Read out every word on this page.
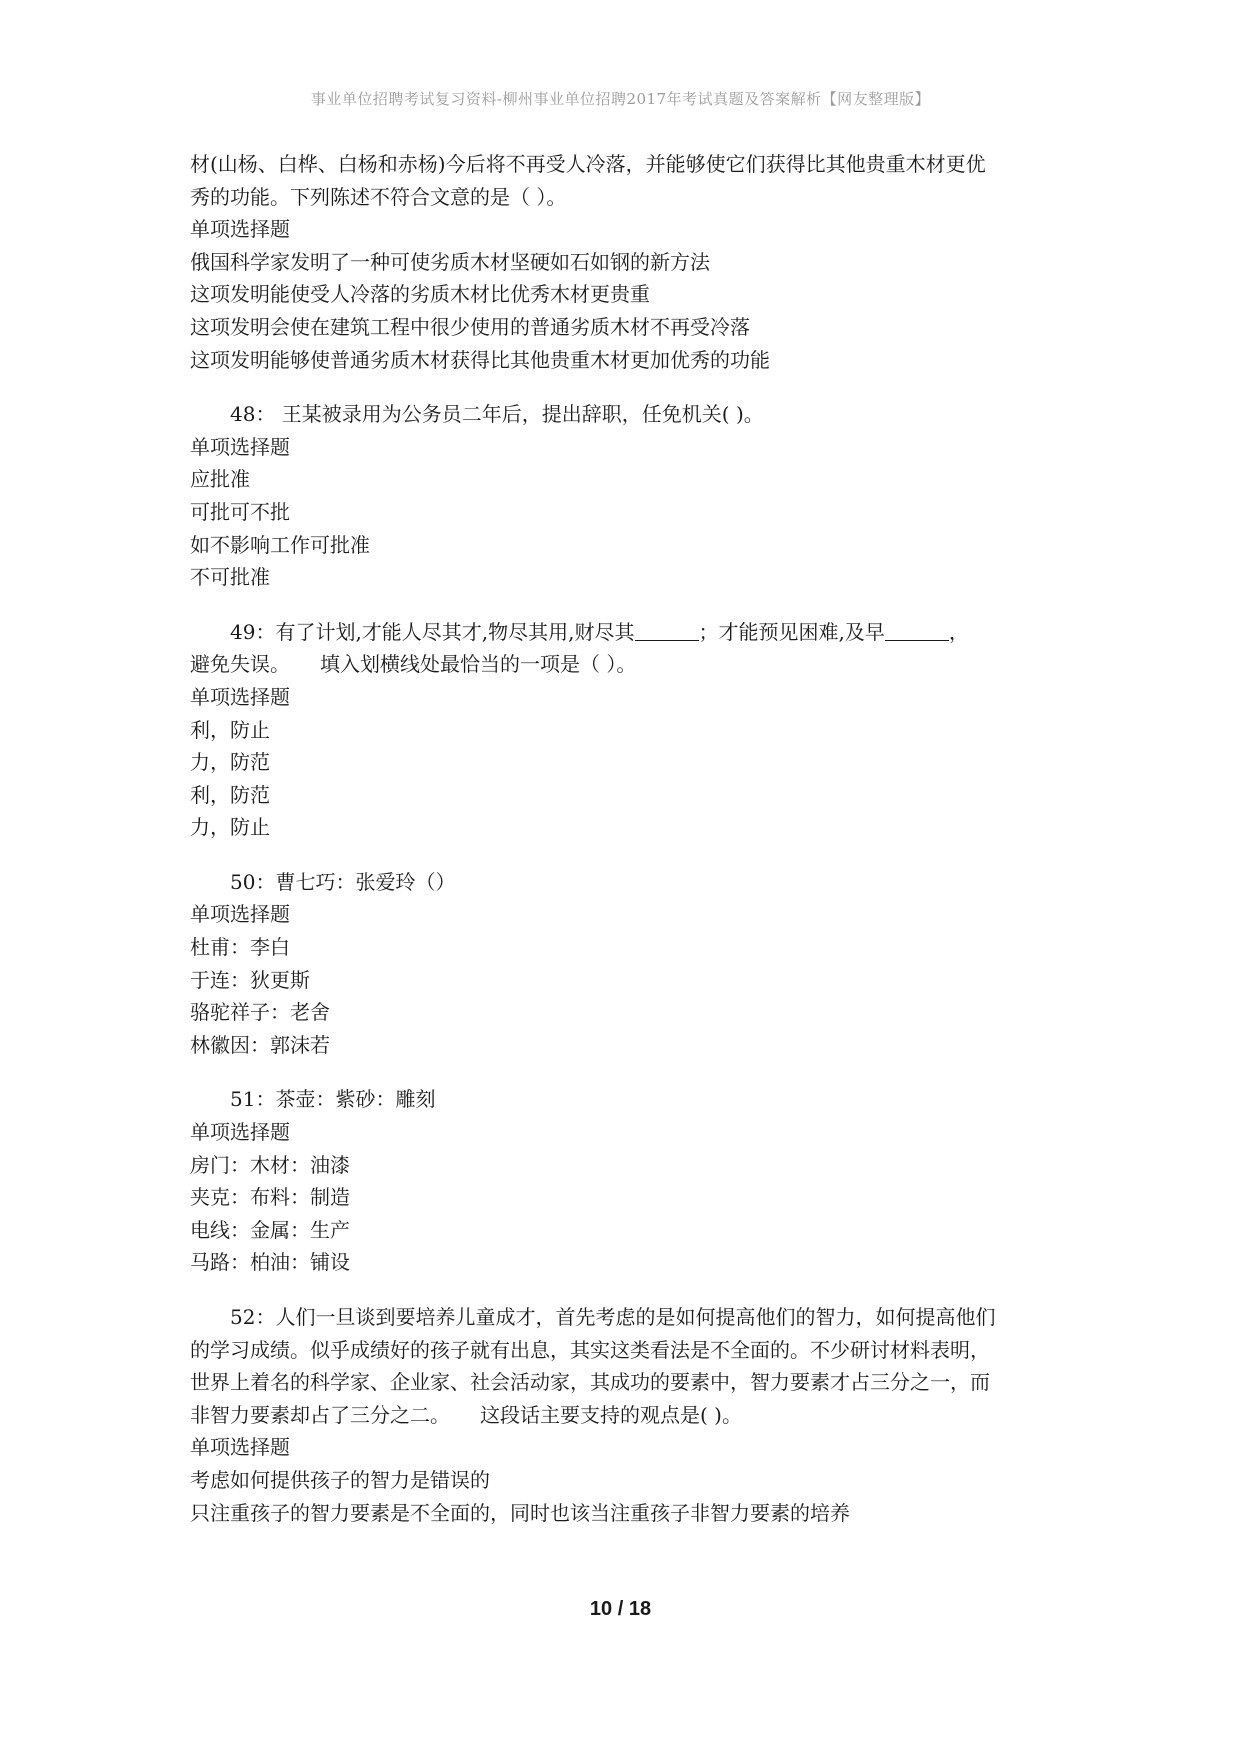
事业单位招聘考试复习资料-柳州事业单位招聘2017年考试真题及答案解析【网友整理版】
材(山杨、白桦、白杨和赤杨)今后将不再受人冷落，并能够使它们获得比其他贵重木材更优
秀的功能。下列陈述不符合文意的是（ ）。
单项选择题
俄国科学家发明了一种可使劣质木材坚硬如石如钢的新方法
这项发明能使受人冷落的劣质木材比优秀木材更贵重
这项发明会使在建筑工程中很少使用的普通劣质木材不再受冷落
这项发明能够使普通劣质木材获得比其他贵重木材更加优秀的功能
48： 王某被录用为公务员二年后，提出辞职，任免机关( )。
单项选择题
应批准
可批可不批
如不影响工作可批准
不可批准
49：有了计划,才能人尽其才,物尽其用,财尽其	；才能预见困难,及早	，
避免失误。　　填入划横线处最恰当的一项是（ ）。
单项选择题
利，防止
力，防范
利，防范
力，防止
50：曹七巧：张爱玲（）
单项选择题
杜甫：李白
于连：狄更斯
骆驼祥子：老舍
林徽因：郭沫若
51：茶壶：紫砂：雕刻
单项选择题
房门：木材：油漆
夹克：布料：制造
电线：金属：生产
马路：柏油：铺设
52：人们一旦谈到要培养儿童成才，首先考虑的是如何提高他们的智力，如何提高他们
的学习成绩。似乎成绩好的孩子就有出息，其实这类看法是不全面的。不少研讨材料表明，
世界上着名的科学家、企业家、社会活动家，其成功的要素中，智力要素才占三分之一，而
非智力要素却占了三分之二。　　这段话主要支持的观点是( )。
单项选择题
考虑如何提供孩子的智力是错误的
只注重孩子的智力要素是不全面的，同时也该当注重孩子非智力要素的培养
10 / 18
